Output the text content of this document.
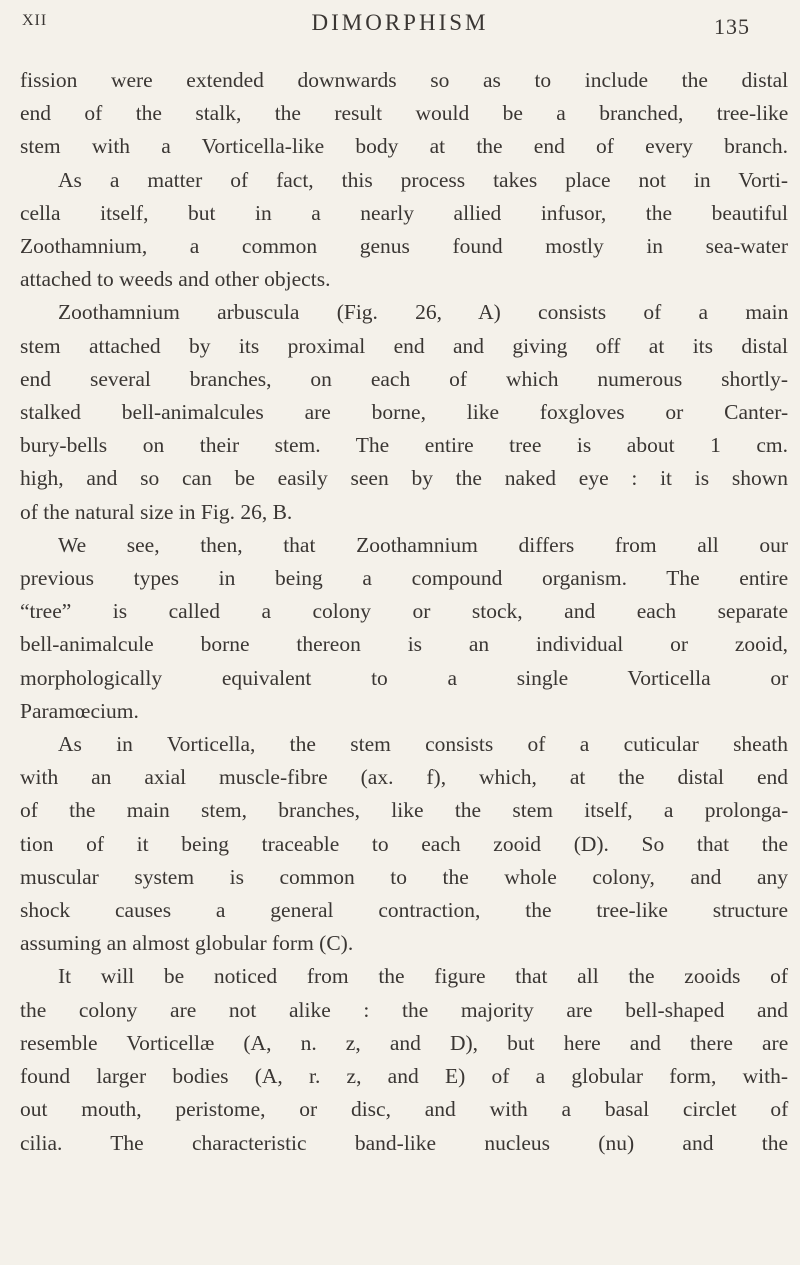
XII	DIMORPHISM	135
fission were extended downwards so as to include the distal
end of the stalk, the result would be a branched, tree-like
stem with a Vorticella-like body at the end of every branch.
As a matter of fact, this process takes place not in Vorti-
cella itself, but in a nearly allied infusor, the beautiful
Zoothamnium, a common genus found mostly in sea-water
attached to weeds and other objects.
Zoothamnium arbuscula (Fig. 26, A) consists of a main
stem attached by its proximal end and giving off at its distal
end several branches, on each of which numerous shortly-
stalked bell-animalcules are borne, like foxgloves or Canter-
bury-bells on their stem. The entire tree is about 1 cm.
high, and so can be easily seen by the naked eye : it is shown
of the natural size in Fig. 26, B.
We see, then, that Zoothamnium differs from all our
previous types in being a compound organism. The entire
“tree” is called a colony or stock, and each separate
bell-animalcule borne thereon is an individual or zooid,
morphologically equivalent to a single Vorticella or
Paramœcium.
As in Vorticella, the stem consists of a cuticular sheath
with an axial muscle-fibre (ax. f), which, at the distal end
of the main stem, branches, like the stem itself, a prolonga-
tion of it being traceable to each zooid (D). So that the
muscular system is common to the whole colony, and any
shock causes a general contraction, the tree-like structure
assuming an almost globular form (C).
It will be noticed from the figure that all the zooids of
the colony are not alike : the majority are bell-shaped and
resemble Vorticellæ (A, n. z, and D), but here and there are
found larger bodies (A, r. z, and E) of a globular form, with-
out mouth, peristome, or disc, and with a basal circlet of
cilia. The characteristic band-like nucleus (nu) and the
